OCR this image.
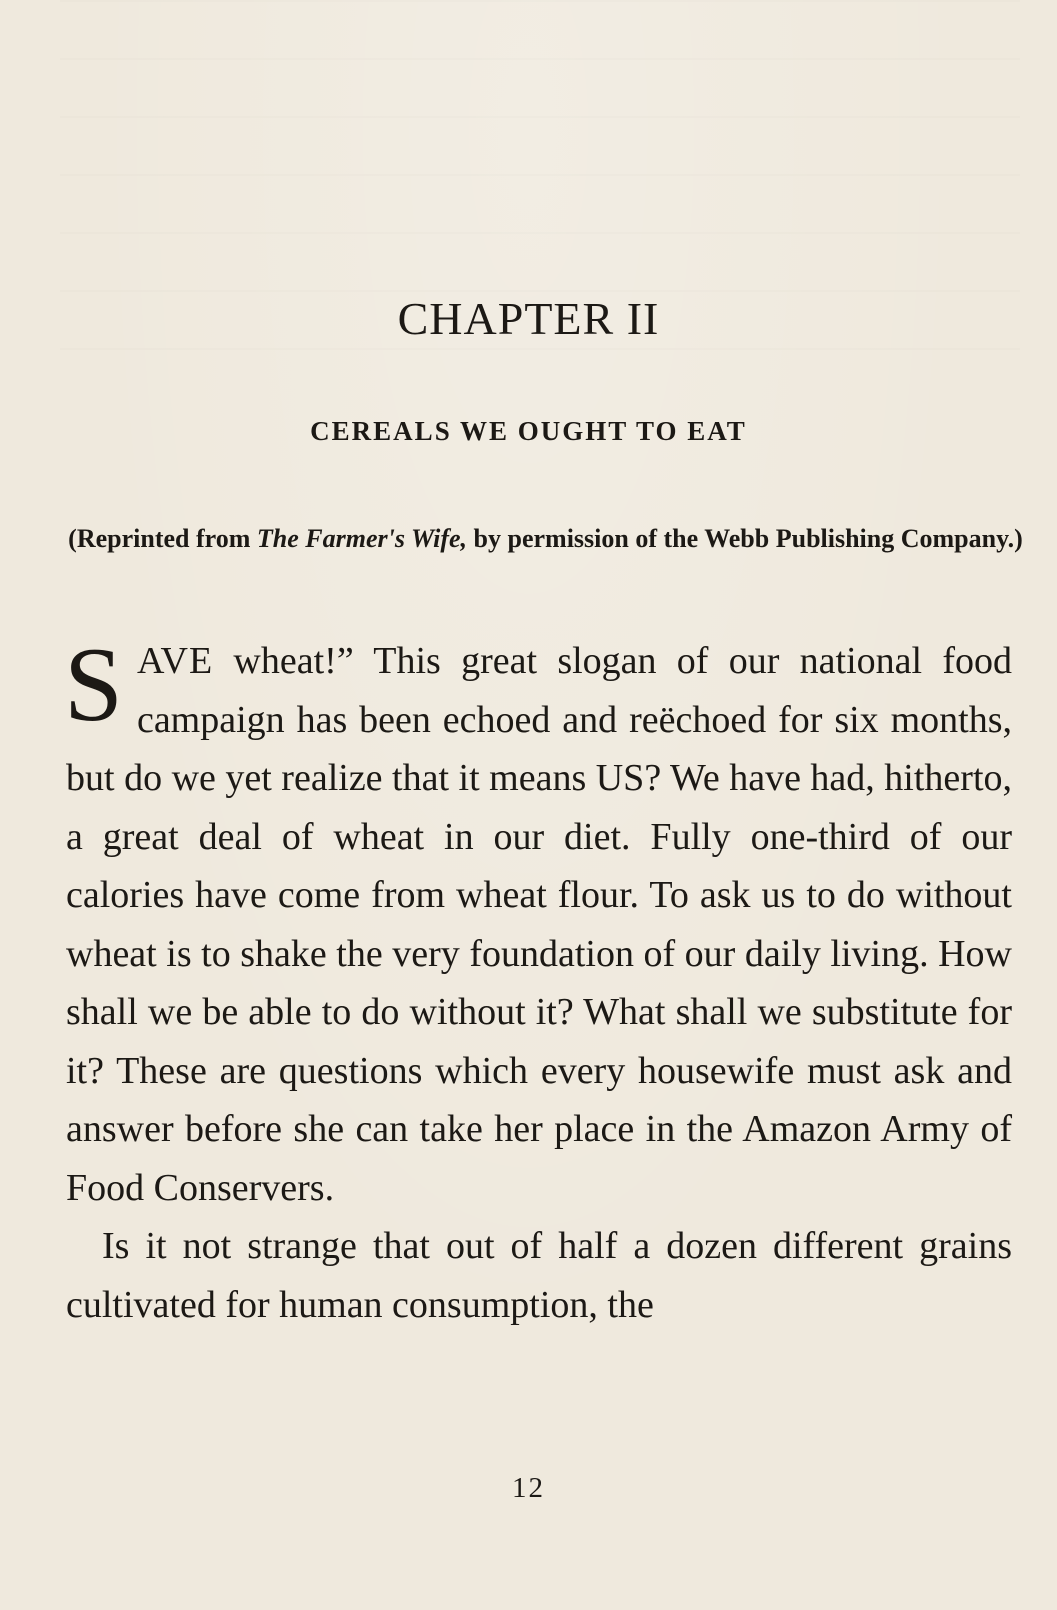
CHAPTER II
CEREALS WE OUGHT TO EAT
(Reprinted from The Farmer's Wife, by permission of the Webb Publishing Company.)

SAVE wheat!” This great slogan of our national food campaign has been echoed and reëchoed for six months, but do we yet realize that it means US? We have had, hitherto, a great deal of wheat in our diet. Fully one-third of our calories have come from wheat flour. To ask us to do without wheat is to shake the very foundation of our daily living. How shall we be able to do without it? What shall we substitute for it? These are questions which every housewife must ask and answer before she can take her place in the Amazon Army of Food Conservers.

Is it not strange that out of half a dozen different grains cultivated for human consumption, the

12
